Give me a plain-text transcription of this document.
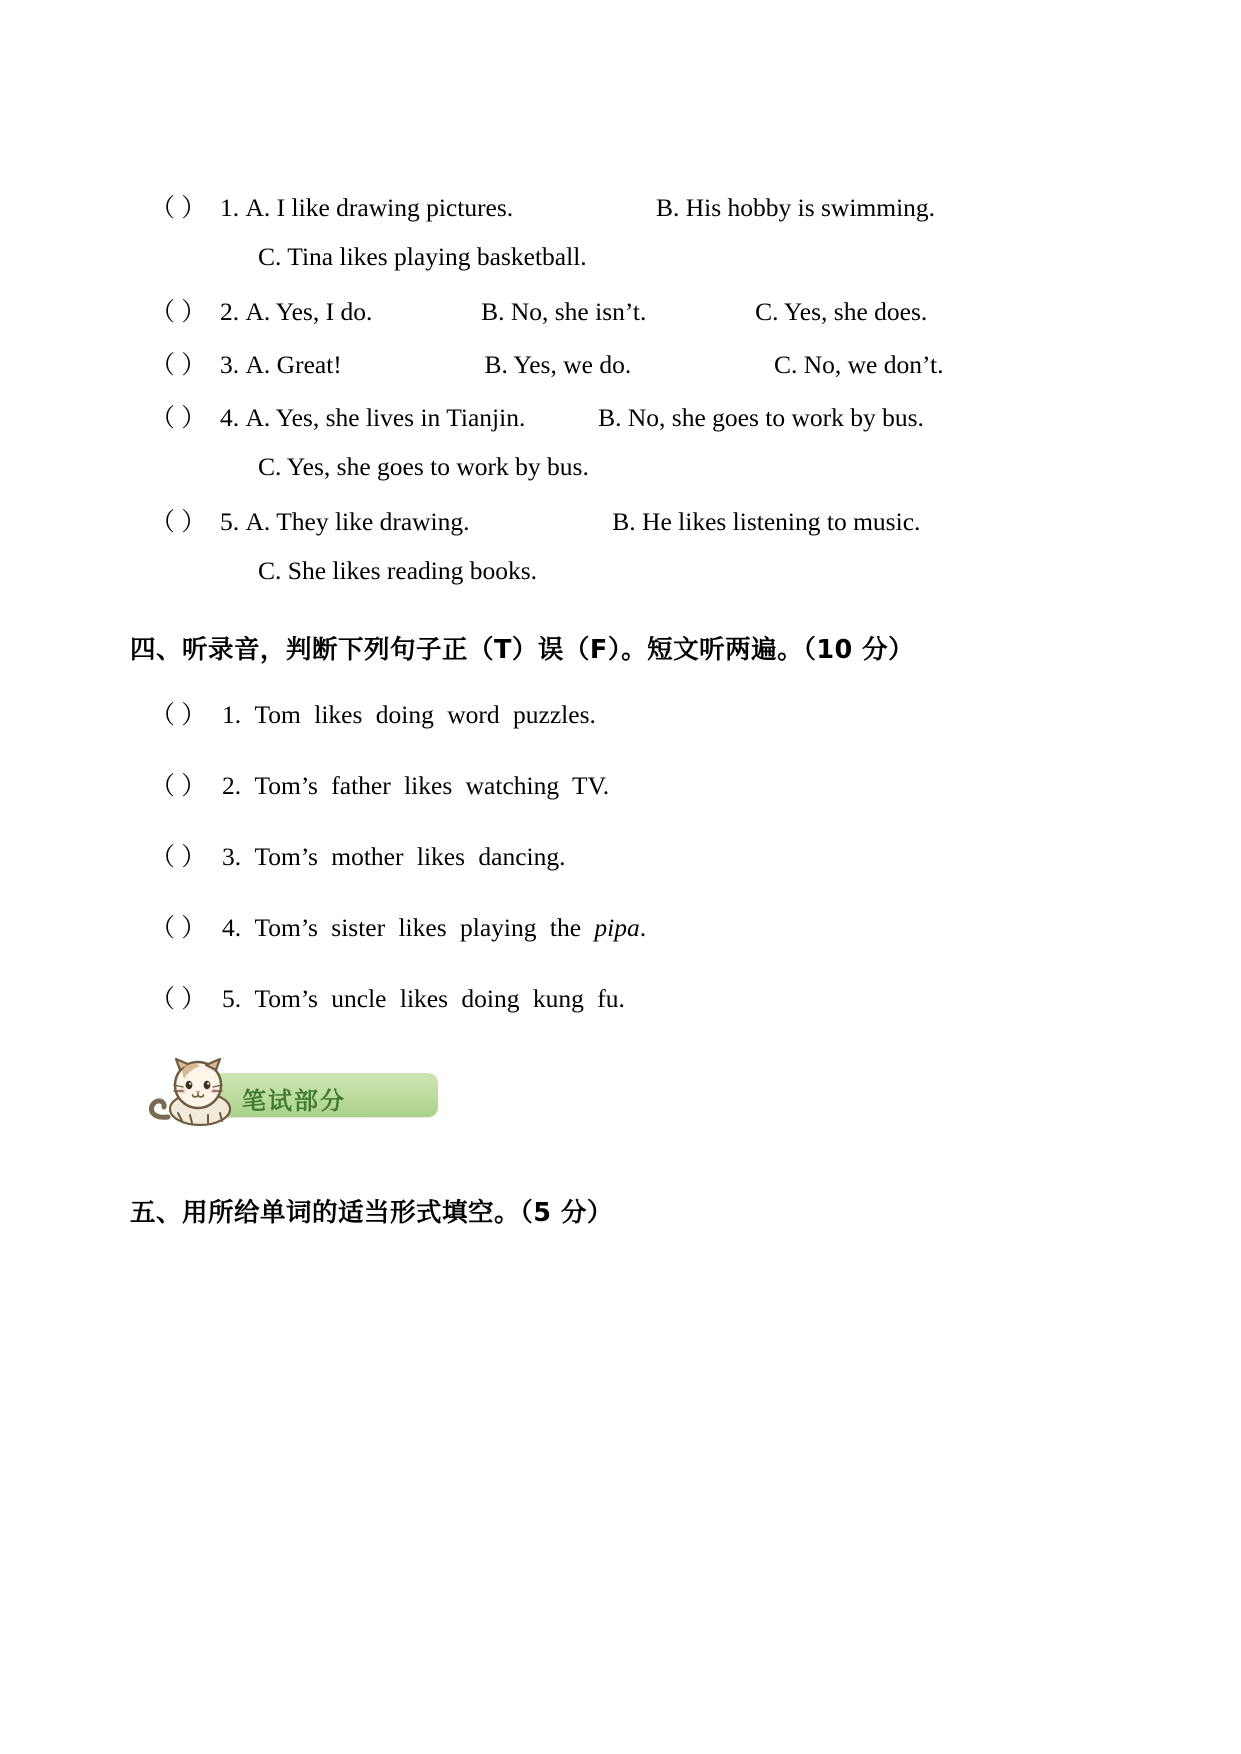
（ ） 1. A. I like drawing pictures.	B. His hobby is swimming.
C. Tina likes playing basketball.
（ ） 2. A. Yes, I do.	B. No, she isn’t.	C. Yes, she does.
（ ） 3. A. Great!	B. Yes, we do.	C. No, we don’t.
（ ） 4. A. Yes, she lives in Tianjin.	B. No, she goes to work by bus.
C. Yes, she goes to work by bus.
（ ） 5. A. They like drawing.	B. He likes listening to music.
C. She likes reading books.
四、听录音，判断下列句子正（T）误（F）。短文听两遍。（10 分）
（ ） 1. Tom likes doing word puzzles.
（ ） 2. Tom’s father likes watching TV.
（ ） 3. Tom’s mother likes dancing.
（ ） 4. Tom’s sister likes playing the pipa.
（ ） 5. Tom’s uncle likes doing kung fu.
笔试部分
五、用所给单词的适当形式填空。（5 分）
